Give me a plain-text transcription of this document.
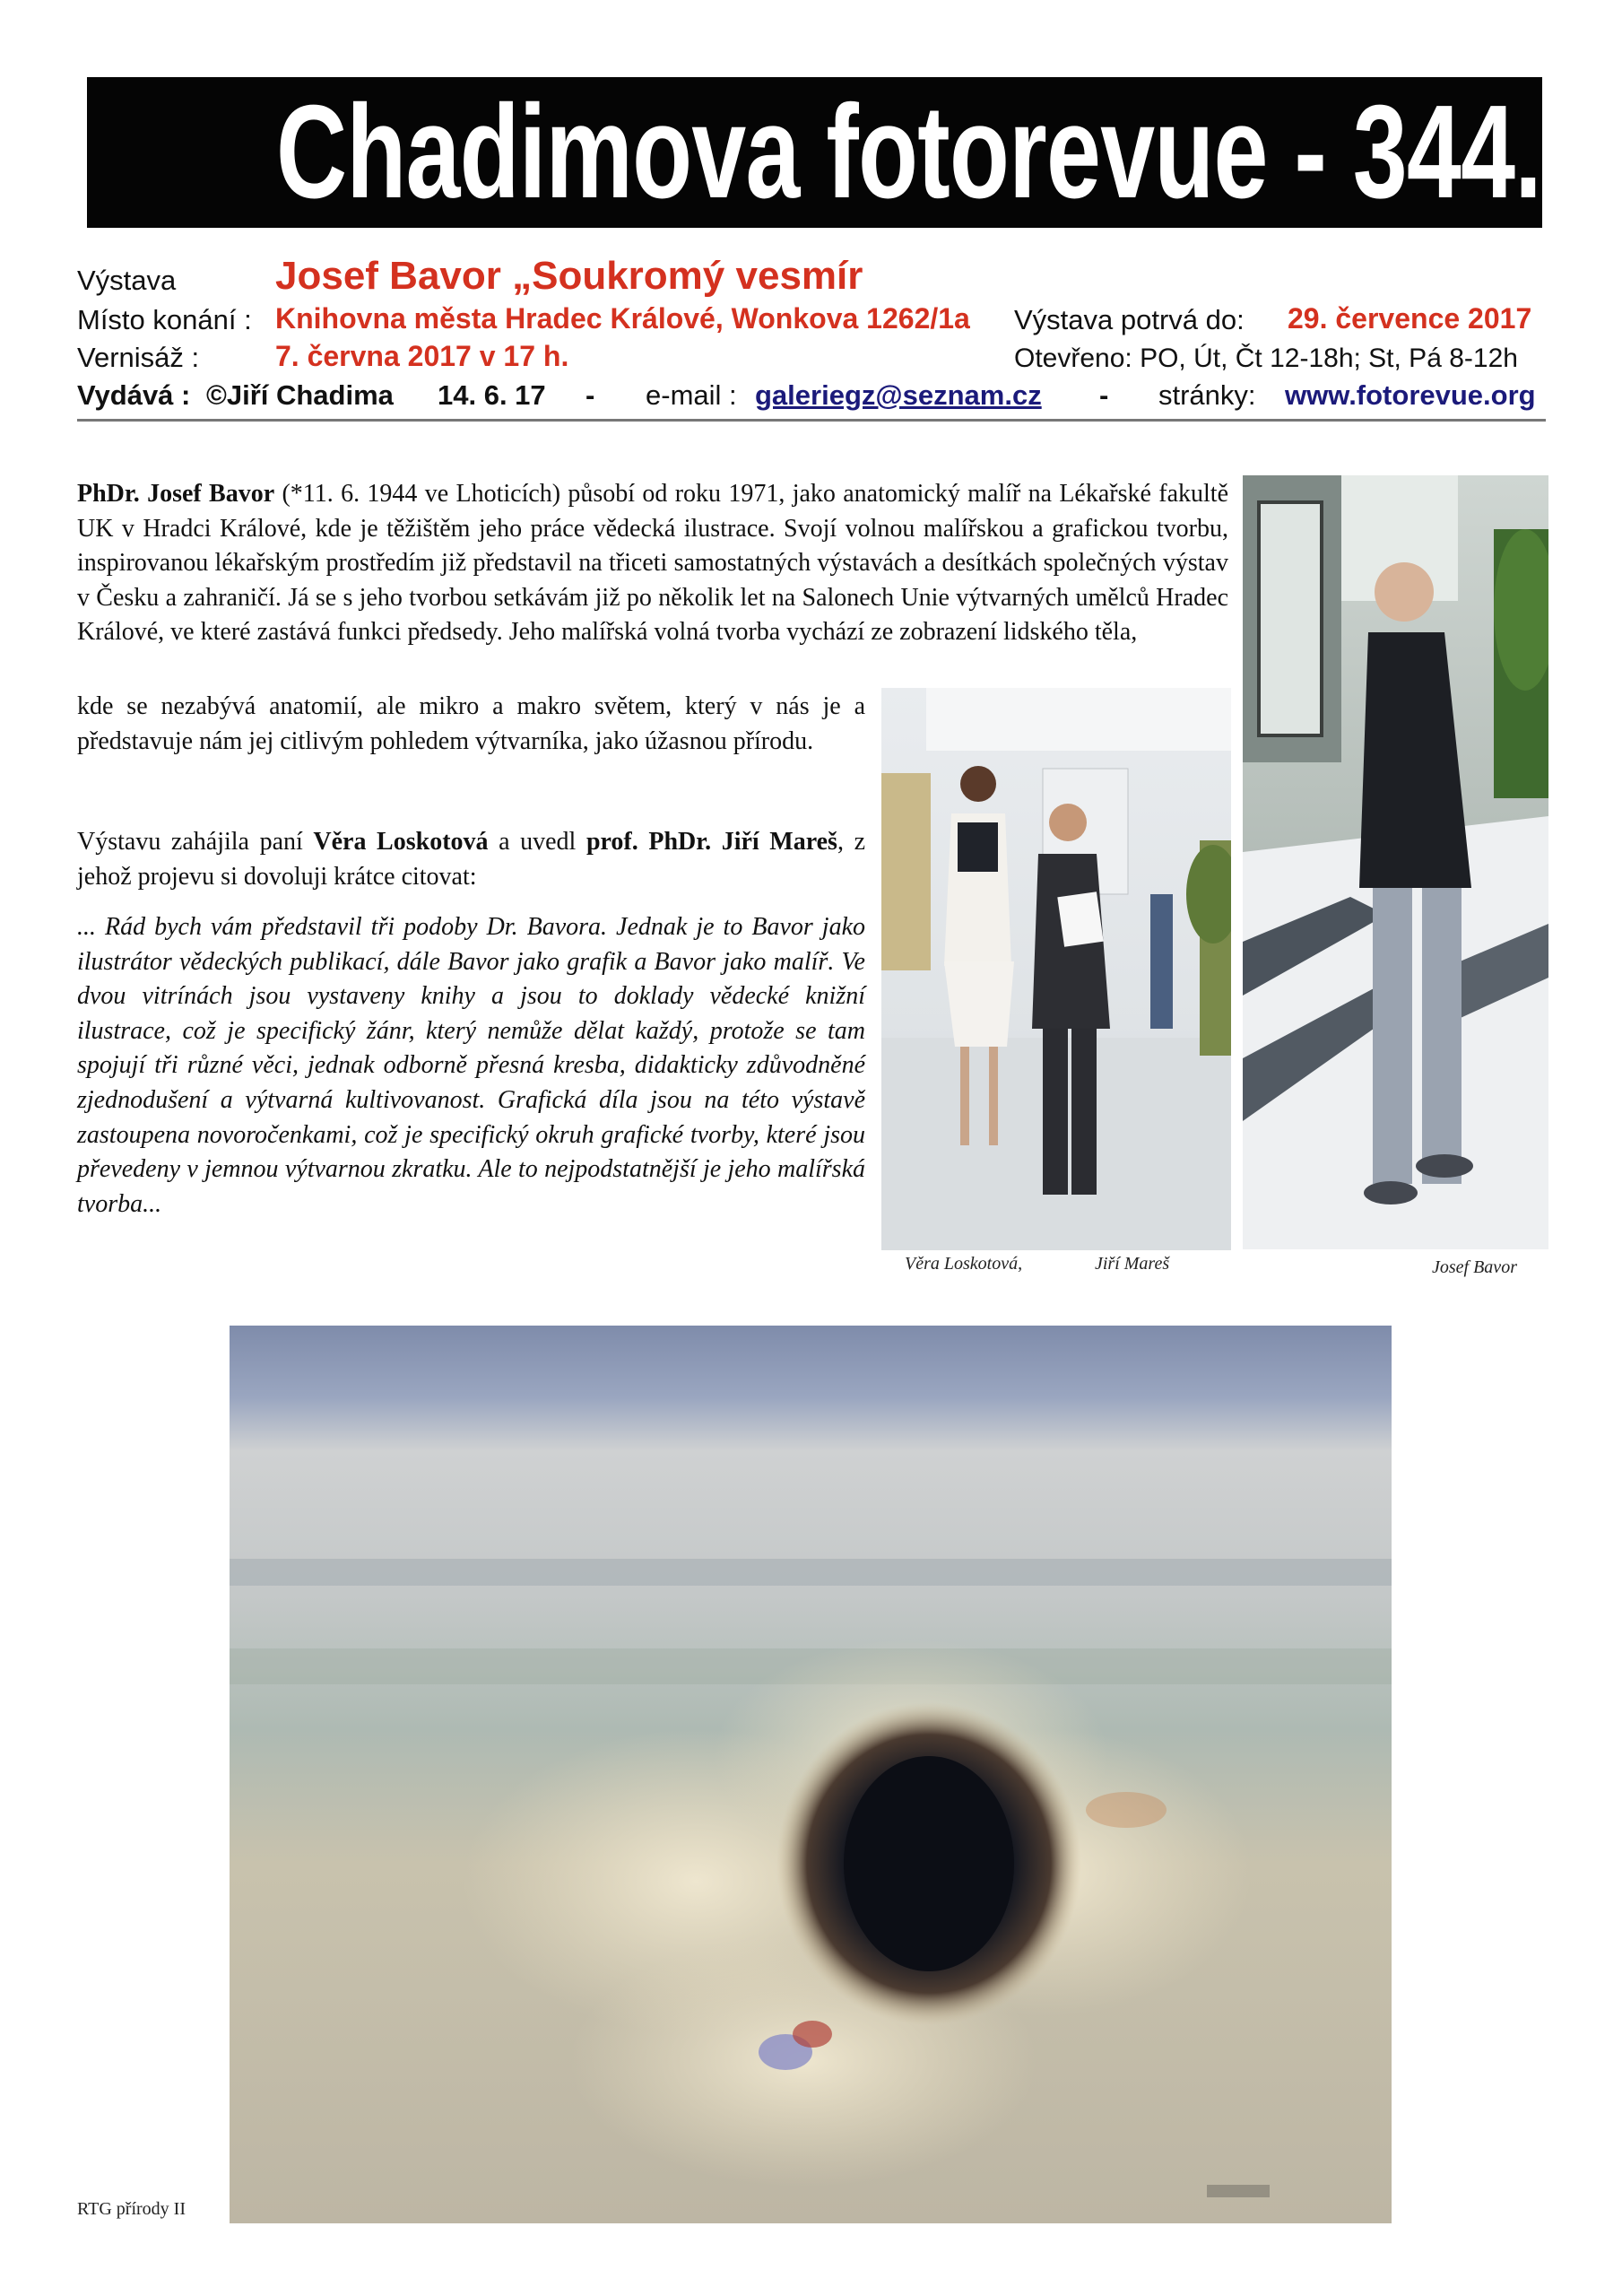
Chadimova fotorevue - 344.
Výstava	Josef Bavor „Soukromý vesmír
Místo konání : Knihovna města Hradec Králové, Wonkova 1262/1a Výstava potrvá do: 29. července 2017
Vernisáž :	7. června 2017 v 17 h.	Otevřeno: PO, Út, Čt 12-18h; St, Pá 8-12h
Vydává : ©Jiří Chadima 14. 6. 17 - e-mail : galeriegz@seznam.cz - stránky: www.fotorevue.org
PhDr. Josef Bavor (*11. 6. 1944 ve Lhoticích) působí od roku 1971, jako anatomický malíř na Lékařské fakultě UK v Hradci Králové, kde je těžištěm jeho práce vědecká ilustrace. Svojí volnou malířskou a grafickou tvorbu, inspirovanou lékařským prostředím již představil na třiceti samostatných výstavách a desítkách společných výstav v Česku a zahraničí. Já se s jeho tvorbou setkávám již po několik let na Salonech Unie výtvarných umělců Hradec Králové, ve které zastává funkci předsedy. Jeho malířská volná tvorba vychází ze zobrazení lidského těla,
kde se nezabývá anatomií, ale mikro a makro světem, který v nás je a představuje nám jej citlivým pohledem výtvarníka, jako úžasnou přírodu.
Výstavu zahájila paní Věra Loskotová a uvedl prof. PhDr. Jiří Mareš, z jehož projevu si dovoluji krátce citovat:
... Rád bych vám představil tři podoby Dr. Bavora. Jednak je to Bavor jako ilustrátor vědeckých publikací, dále Bavor jako grafik a Bavor jako malíř. Ve dvou vitrínách jsou vystaveny knihy a jsou to doklady vědecké knižní ilustrace, což je specifický žánr, který nemůže dělat každý, protože se tam spojují tři různé věci, jednak odborně přesná kresba, didakticky zdůvodněné zjednodušení a výtvarná kultivovanost. Grafická díla jsou na této výstavě zastoupena novoročenkami, což je specifický okruh grafické tvorby, které jsou převedeny v jemnou výtvarnou zkratku. Ale to nejpodstatnější je jeho malířská tvorba...
Věra Loskotová,	Jiří Mareš	Josef Bavor
RTG přírody II
